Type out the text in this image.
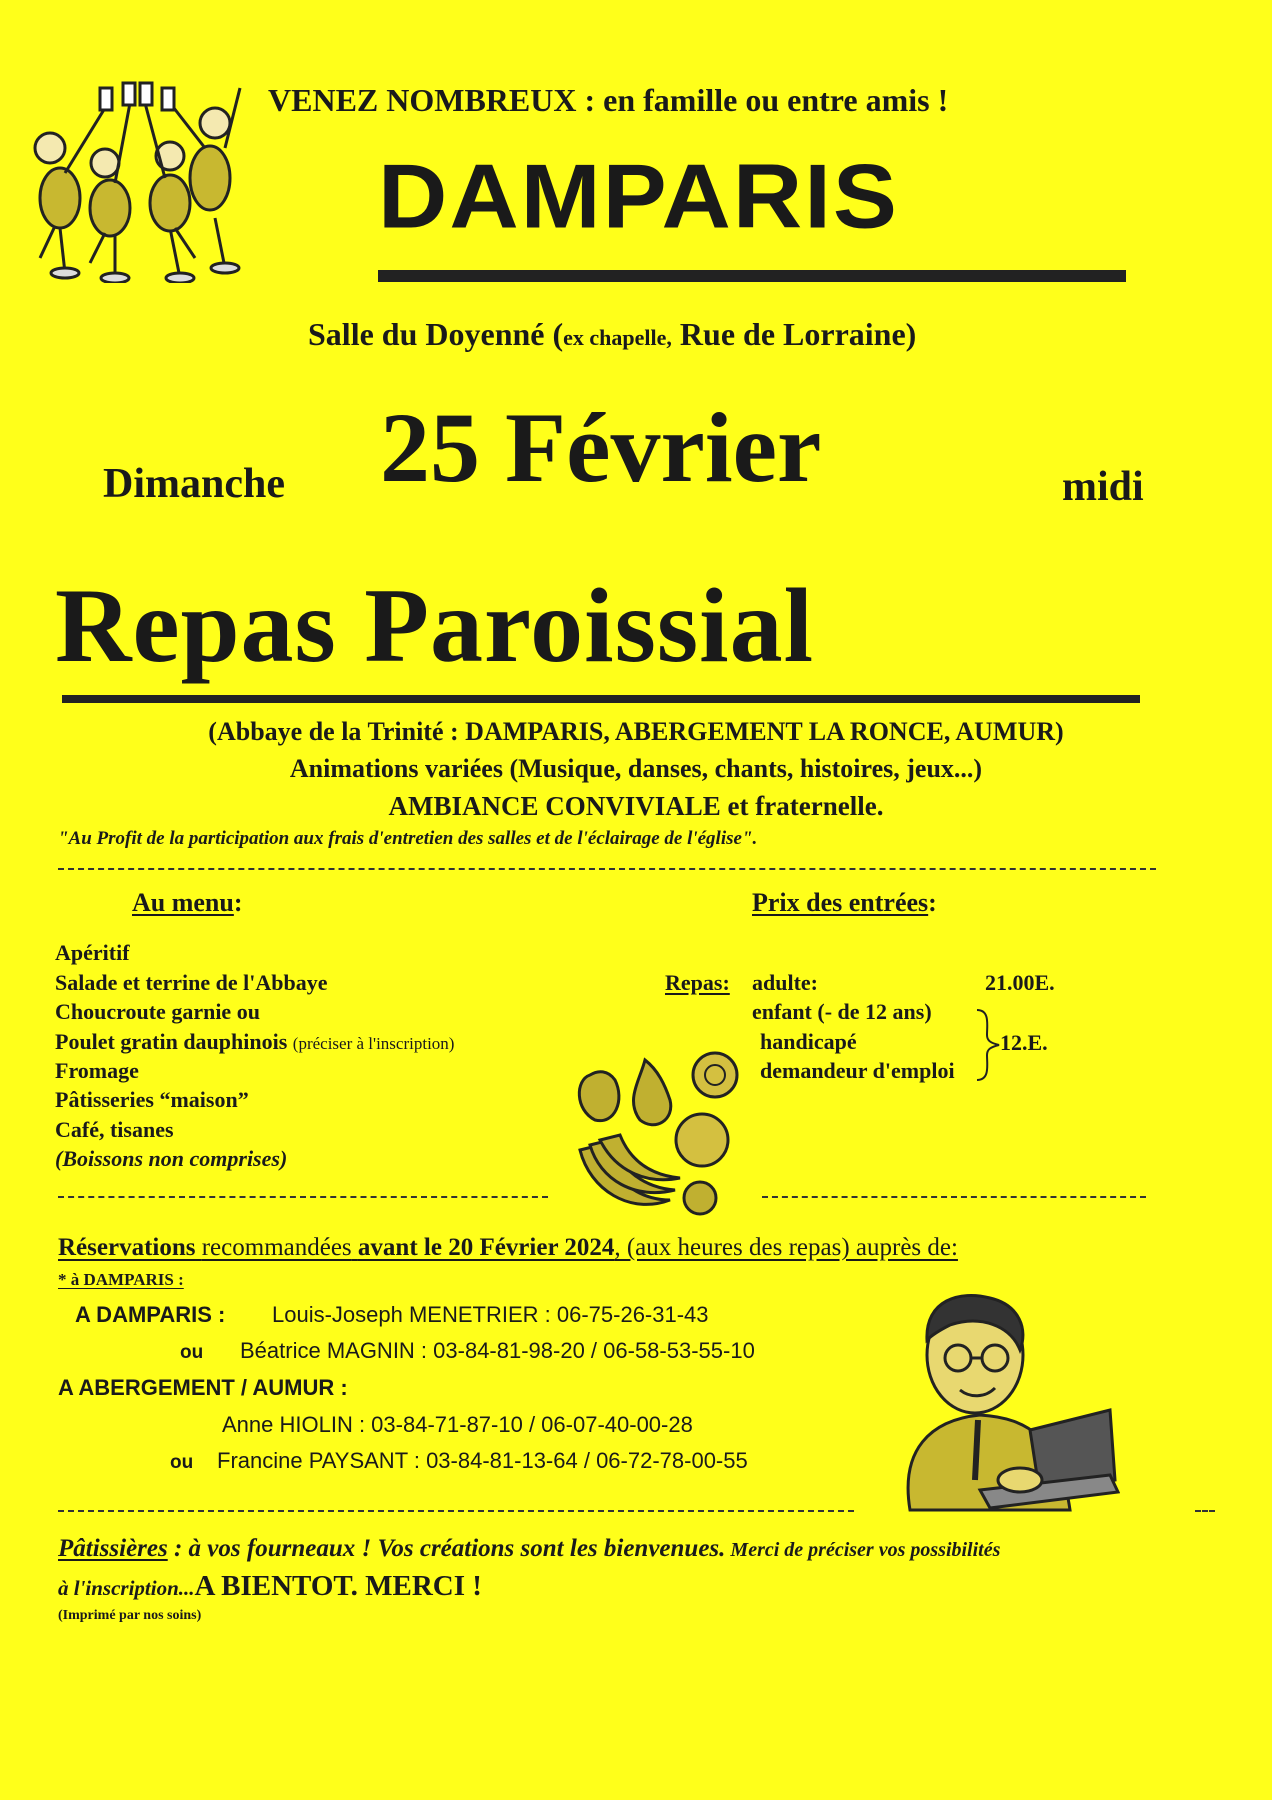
VENEZ NOMBREUX : en famille ou entre amis !
DAMPARIS
Salle du Doyenné (ex chapelle, Rue de Lorraine)
Dimanche 25 Février	midi
Repas Paroissial
(Abbaye de la Trinité : DAMPARIS, ABERGEMENT LA RONCE, AUMUR)
Animations variées (Musique, danses, chants, histoires, jeux...)
AMBIANCE CONVIVIALE et fraternelle.
"Au Profit de la participation aux frais d'entretien des salles et de l'éclairage de l'église".
Au menu:
Apéritif
Salade et terrine de l'Abbaye
Choucroute garnie ou
Poulet gratin dauphinois (préciser à l'inscription)
Fromage
Pâtisseries “maison”
Café, tisanes
(Boissons non comprises)
Prix des entrées:
Repas: adulte:	21.00E.
enfant (- de 12 ans)
handicapé
demandeur d'emploi
12.E.
Réservations recommandées avant le 20 Février 2024, (aux heures des repas) auprès de:
* à DAMPARIS :
A DAMPARIS : Louis-Joseph MENETRIER : 06-75-26-31-43
ou Béatrice MAGNIN : 03-84-81-98-20 / 06-58-53-55-10
A ABERGEMENT / AUMUR :
Anne HIOLIN : 03-84-71-87-10 / 06-07-40-00-28
ou Francine PAYSANT : 03-84-81-13-64 / 06-72-78-00-55
Pâtissières : à vos fourneaux ! Vos créations sont les bienvenues. Merci de préciser vos possibilités
à l'inscription...A BIENTOT. MERCI !
(Imprimé par nos soins)
